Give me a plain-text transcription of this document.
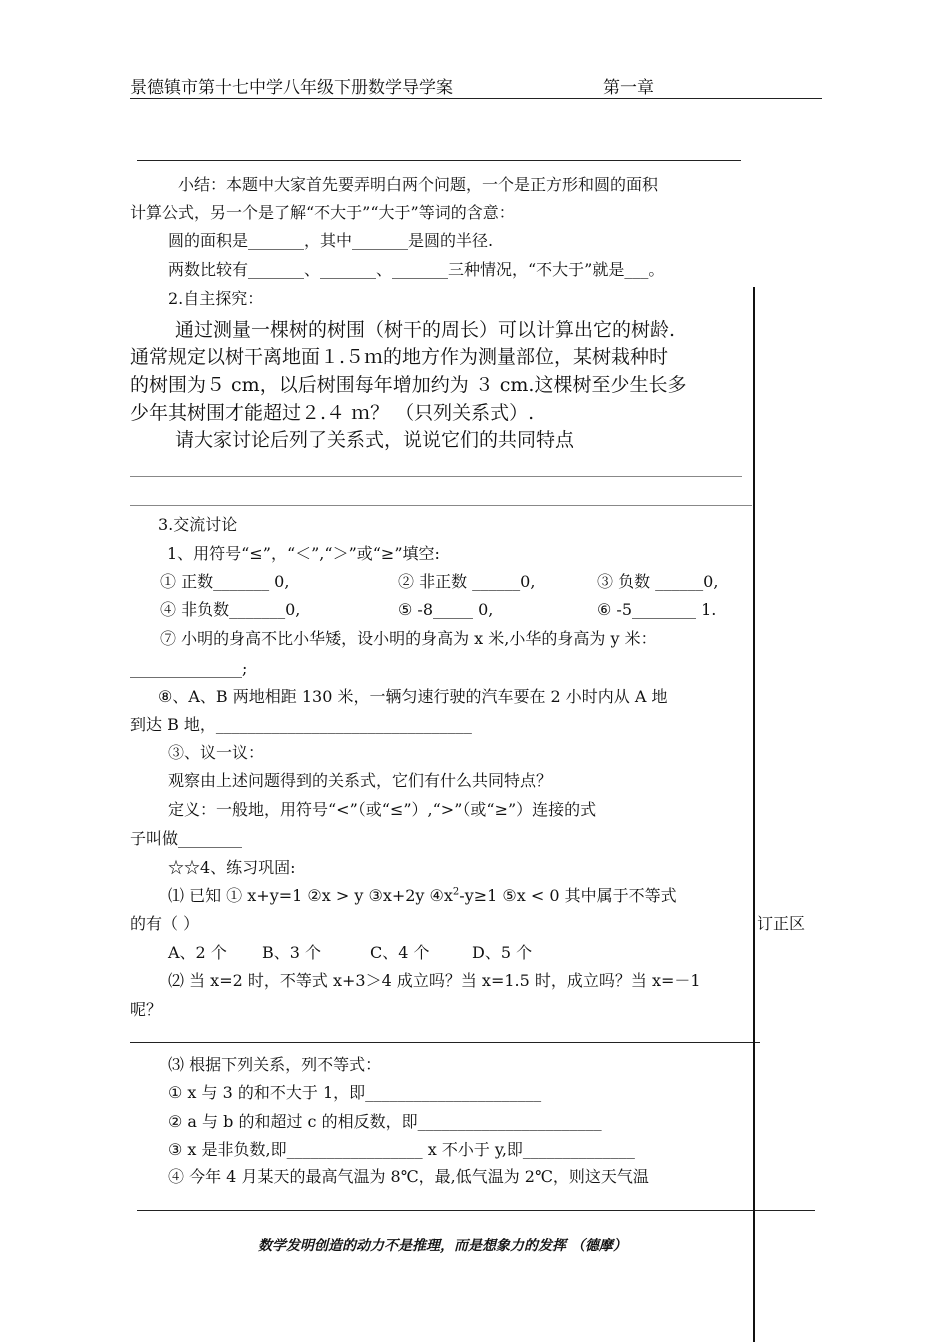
景德镇市第十七中学八年级下册数学导学案	第一章
小结：本题中大家首先要弄明白两个问题，一个是正方形和圆的面积
计算公式，另一个是了解“不大于”“大于”等词的含意：
圆的面积是_______，其中_______是圆的半径.
两数比较有_______、_______、_______三种情况，“不大于”就是___。
2.自主探究：
通过测量一棵树的树围（树干的周长）可以计算出它的树龄.
通常规定以树干离地面１.５ｍ的地方作为测量部位，某树栽种时
的树围为５ cm，以后树围每年增加约为 ３ cm.这棵树至少生长多
少年其树围才能超过２.４ ｍ？ （只列关系式）.
请大家讨论后列了关系式，说说它们的共同特点
3.交流讨论
1、用符号“≤”，“＜”,“＞”或“≥”填空:
① 正数_______ 0,	② 非正数 ______0,	③ 负数 ______0,
④ 非负数_______0,	⑤ -8_____ 0,	⑥ -5________ 1.
⑦ 小明的身高不比小华矮，设小明的身高为 x 米,小华的身高为 y 米：
______________;
⑧、A、B 两地相距 130 米，一辆匀速行驶的汽车要在 2 小时内从 A 地
到达 B 地，________________________________
③、议一议：
观察由上述问题得到的关系式，它们有什么共同特点？
定义：一般地，用符号“<”（或“≤”）,“>”（或“≥”）连接的式
子叫做________
☆☆4、练习巩固:
⑴ 已知 ① x+y=1 ②x > y ③x+2y $④x^2-y\ge 1$ ⑤x < 0 其中属于不等式
的有（ ）
A、2 个 B、3 个	C、4 个	D、5 个
⑵ 当 x=2 时，不等式 x+3＞4 成立吗？当 x=1.5 时，成立吗？当 x=－1
呢？
⑶ 根据下列关系，列不等式：
① x 与 3 的和不大于 1，即______________________
② a 与 b 的和超过 c 的相反数，即_______________________
③ x 是非负数,即_________________ x 不小于 y,即______________
④ 今年 4 月某天的最高气温为 8℃，最,低气温为 2℃，则这天气温
数学发明创造的动力不是推理，而是想象力的发挥 （德摩）
订正区
